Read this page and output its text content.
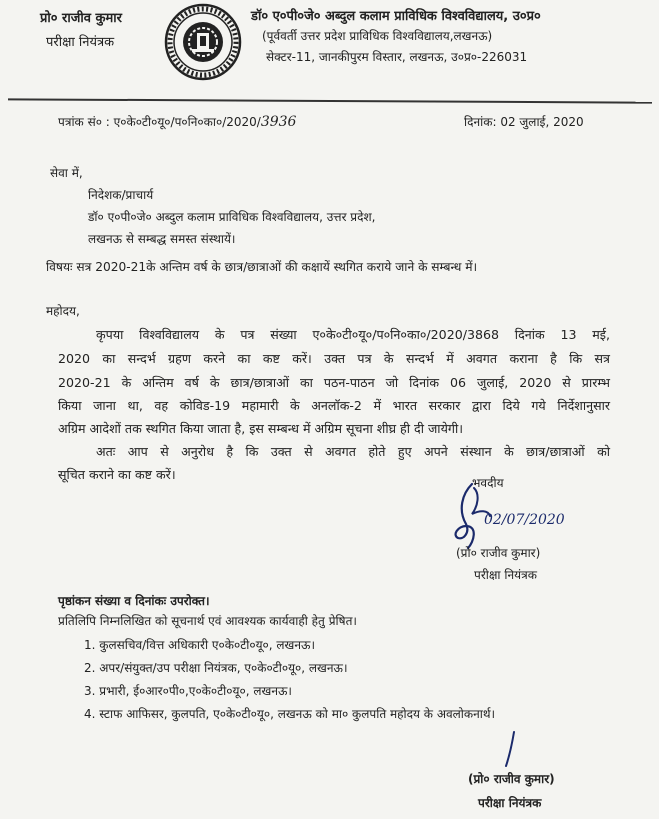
प्रो० राजीव कुमार
परीक्षा नियंत्रक
डॉ० ए०पी०जे० अब्दुल कलाम प्राविधिक विश्वविद्यालय, उ०प्र०
(पूर्ववर्ती उत्तर प्रदेश प्राविधिक विश्वविद्यालय,लखनऊ)
सेक्टर-11, जानकीपुरम विस्तार, लखनऊ, उ०प्र०-226031
पत्रांक सं० : ए०के०टी०यू०/प०नि०का०/2020/3936	दिनांक: 02 जुलाई, 2020
सेवा में,
निदेशक/प्राचार्य
डॉ० ए०पी०जे० अब्दुल कलाम प्राविधिक विश्वविद्यालय, उत्तर प्रदेश,
लखनऊ से सम्बद्ध समस्त संस्थायें।
विषयः सत्र 2020-21के अन्तिम वर्ष के छात्र/छात्राओं की कक्षायें स्थगित कराये जाने के सम्बन्ध में।
महोदय,
कृपया विश्वविद्यालय के पत्र संख्या ए०के०टी०यू०/प०नि०का०/2020/3868 दिनांक 13 मई,
2020 का सन्दर्भ ग्रहण करने का कष्ट करें। उक्त पत्र के सन्दर्भ में अवगत कराना है कि सत्र
2020-21 के अन्तिम वर्ष के छात्र/छात्राओं का पठन-पाठन जो दिनांक 06 जुलाई, 2020 से प्रारम्भ
किया जाना था, वह कोविड-19 महामारी के अनलॉक-2 में भारत सरकार द्वारा दिये गये निर्देशानुसार
अग्रिम आदेशों तक स्थगित किया जाता है, इस सम्बन्ध में अग्रिम सूचना शीघ्र ही दी जायेगी।
अतः आप से अनुरोध है कि उक्त से अवगत होते हुए अपने संस्थान के छात्र/छात्राओं को
सूचित कराने का कष्ट करें।
भवदीय
02/07/2020
(प्रो० राजीव कुमार)
परीक्षा नियंत्रक
पृष्ठांकन संख्या व दिनांकः उपरोक्त।
प्रतिलिपि निम्नलिखित को सूचनार्थ एवं आवश्यक कार्यवाही हेतु प्रेषित।
1. कुलसचिव/वित्त अधिकारी ए०के०टी०यू०, लखनऊ।
2. अपर/संयुक्त/उप परीक्षा नियंत्रक, ए०के०टी०यू०, लखनऊ।
3. प्रभारी, ई०आर०पी०,ए०के०टी०यू०, लखनऊ।
4. स्टाफ आफिसर, कुलपति, ए०के०टी०यू०, लखनऊ को मा० कुलपति महोदय के अवलोकनार्थ।
(प्रो० राजीव कुमार)
परीक्षा नियंत्रक
